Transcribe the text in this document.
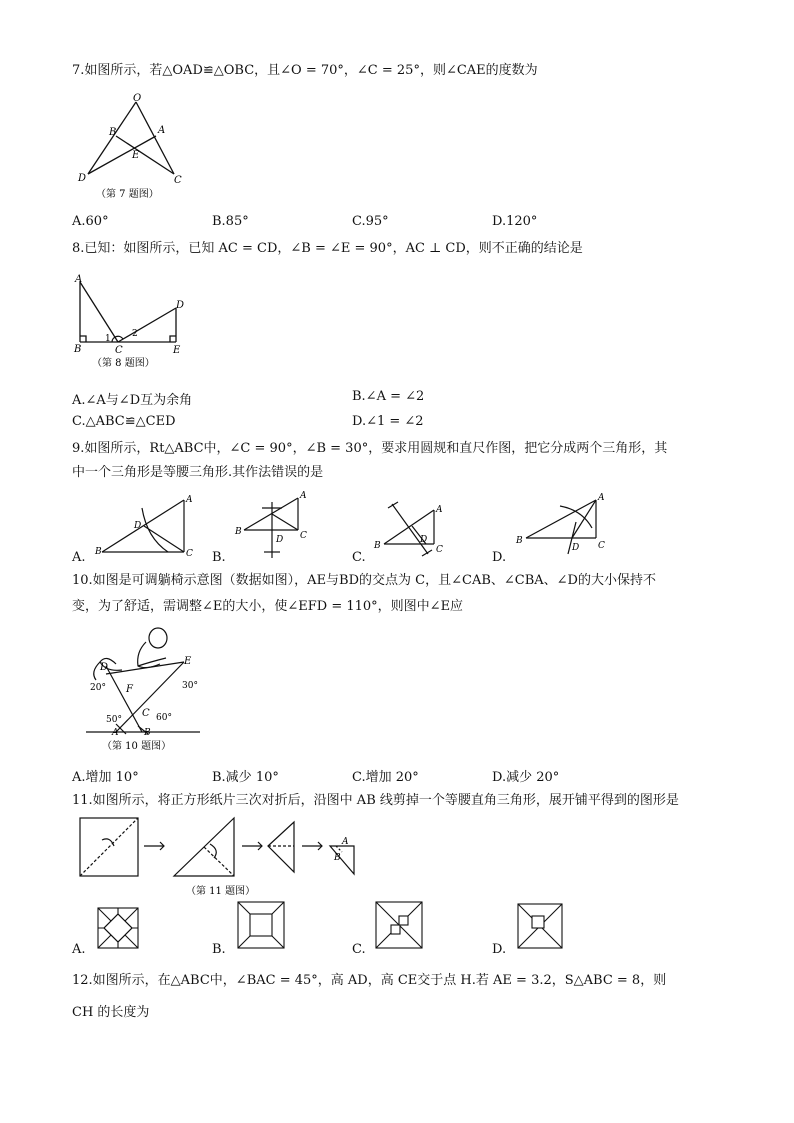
7.如图所示，若△OAD≌△OBC，且∠O = 70°，∠C = 25°，则∠CAE的度数为
O
B	A
E
D	C
（第 7 题图）
A.60°	B.85°	C.95°	D.120°
8.已知：如图所示，已知 AC = CD，∠B = ∠E = 90°，AC ⊥ CD，则不正确的结论是
A
D
B	C	E
1 2
（第 8 题图）
A.∠A与∠D互为余角	B.∠A = ∠2
C.△ABC≌△CED	D.∠1 = ∠2
9.如图所示，Rt△ABC中，∠C = 90°，∠B = 30°，要求用圆规和直尺作图，把它分成两个三角形，其
中一个三角形是等腰三角形.其作法错误的是
A.
A
B	C
D
B.
A
B	C
D
C.
A
B	C
D
D.
A
B	C
D
10.如图是可调躺椅示意图（数据如图），AE与BD的交点为 C，且∠CAB、∠CBA、∠D的大小保持不
变，为了舒适，需调整∠E的大小，使∠EFD = 110°，则图中∠E应
D
E
F
C
A	B
20°	30°
50°	60°
（第 10 题图）
A.增加 10°	B.减少 10°	C.增加 20°	D.减少 20°
11.如图所示，将正方形纸片三次对折后，沿图中 AB 线剪掉一个等腰直角三角形，展开铺平得到的图形是
A
B
（第 11 题图）
A.	B.	C.	D.
12.如图所示，在△ABC中，∠BAC = 45°，高 AD，高 CE交于点 H.若 AE = 3.2，S△ABC = 8，则
CH 的长度为
